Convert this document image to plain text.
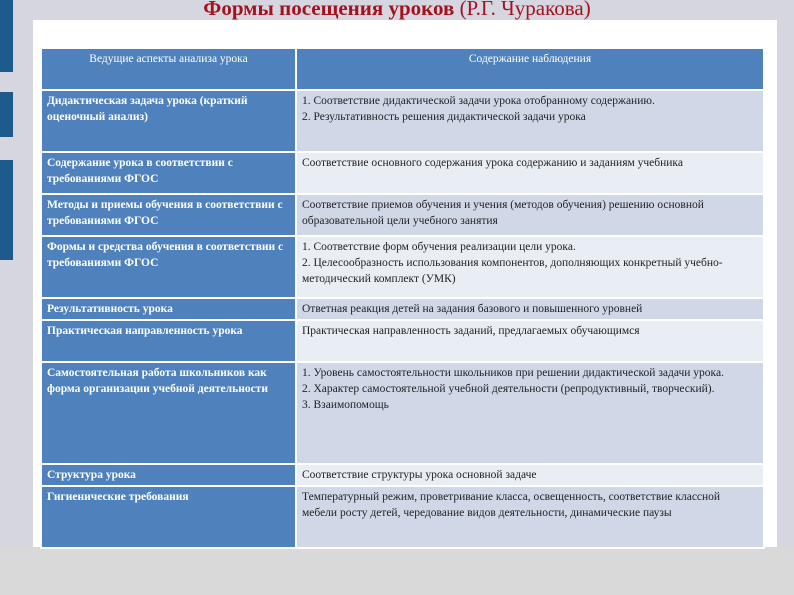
Формы посещения уроков (Р.Г. Чуракова)
Ведущие аспекты анализа урока	Содержание наблюдения
Дидактическая задача урока (краткий оценочный анализ)	1. Соответствие дидактической задачи урока отобранному содержанию.
2. Результативность решения дидактической задачи урока

Содержание урока в соответствии с требованиями ФГОС	Соответствие основного содержания урока содержанию и заданиям учебника

Методы и приемы обучения в соответствии с требованиями ФГОС	Соответствие приемов обучения и учения (методов обучения) решению основной образовательной цели учебного занятия

Формы и средства обучения в соответствии с требованиями ФГОС	1. Соответствие форм обучения реализации цели урока.
2. Целесообразность использования компонентов, дополняющих конкретный учебно-методический комплект (УМК)

Результативность урока	Ответная реакция детей на задания базового и повышенного уровней

Практическая направленность урока	Практическая направленность заданий, предлагаемых обучающимся

Самостоятельная работа школьников как форма организации учебной деятельности	1. Уровень самостоятельности школьников при решении дидактической задачи урока.
2. Характер самостоятельной учебной деятельности (репродуктивный, творческий).
3. Взаимопомощь

Структура урока	Соответствие структуры урока основной задаче

Гигиенические требования	Температурный режим, проветривание класса, освещенность, соответствие классной мебели росту детей, чередование видов деятельности, динамические паузы
